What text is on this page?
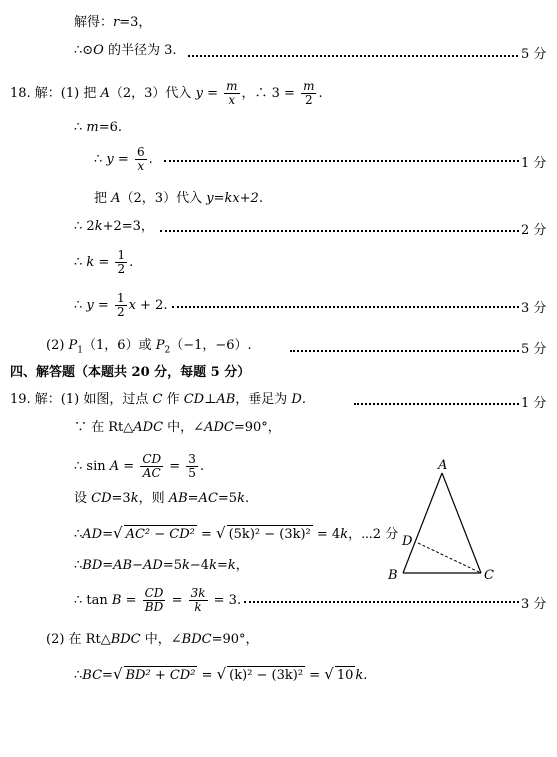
解得：r=3，
∴⊙O 的半径为 3.	5 分
18. 解：(1) 把 A（2，3）代入 $y = \frac{m}{x}$ ，∴ $3 = \frac{m}{2}$ .
∴ m=6.
∴ $y = \frac{6}{x}$ .	1 分
把 A（2，3）代入 y=kx+2.
∴ 2k+2=3，	2 分
∴ $k = \frac{1}{2}$ .
∴ $y = \frac{1}{2}$ x + 2.	3 分
(2) $P_1(1$，6）或 $P_2(-1$，−6）.	5 分
四、解答题（本题共 20 分，每题 5 分）
19. 解：(1) 如图，过点 C 作 CD⊥AB，垂足为 D.	1 分
∵ 在 Rt△ADC 中，∠ADC=90°，
∴ $\sin A = \frac{CD}{AC} = \frac{3}{5}$ .
设 CD=3k，则 AB=AC=5k.
∴AD=√ AC² − CD² = √ (5k)² − (3k)² = 4k，⋯2 分
∴BD=AB−AD=5k−4k=k，
∴ $\tan B = \frac{CD}{BD} = \frac{3k}{k} = 3$.	3 分
(2) 在 Rt△BDC 中，∠BDC=90°，
∴BC=√ BD² + CD² = √ (k)² − (3k)² = √ 10 k.
A
B	C
D
